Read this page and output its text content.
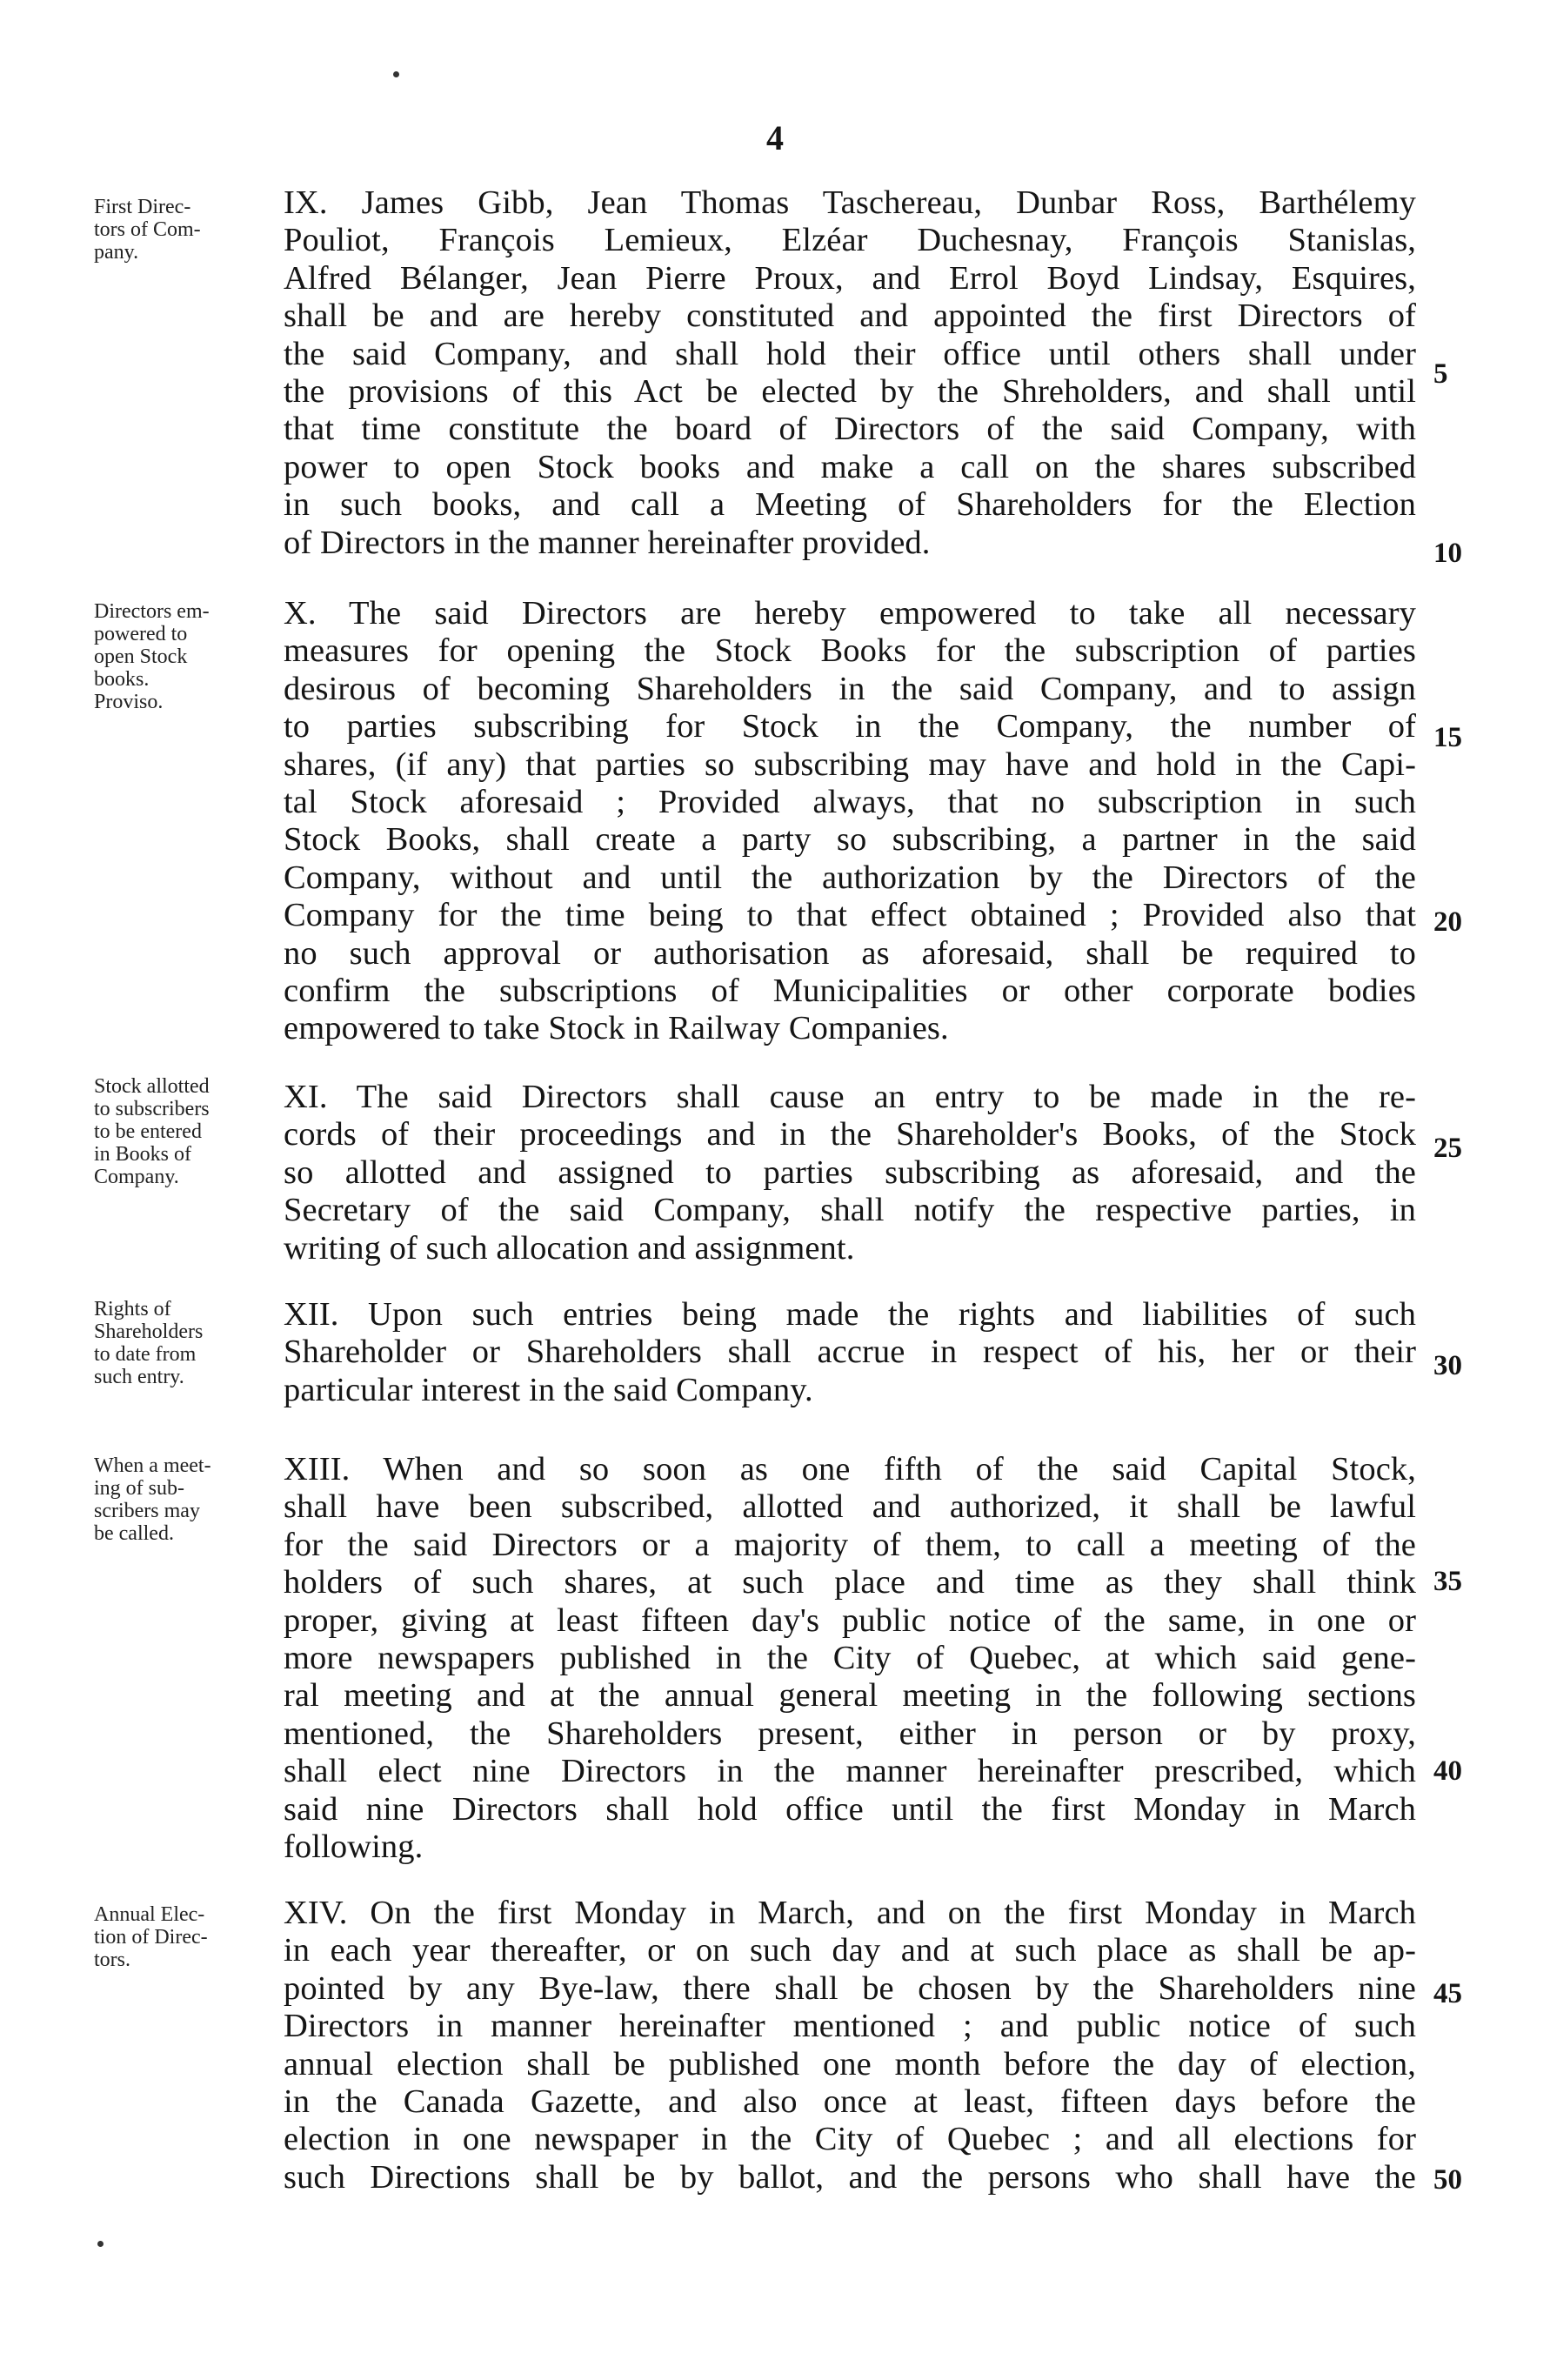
4

First Direc-
tors of Com-
pany.

IX. James Gibb, Jean Thomas Taschereau, Dunbar Ross, Barthélemy
Pouliot, François Lemieux, Elzéar Duchesnay, François Stanislas,
Alfred Bélanger, Jean Pierre Proux, and Errol Boyd Lindsay, Esquires,
shall be and are hereby constituted and appointed the first Directors of
the said Company, and shall hold their office until others shall under
the provisions of this Act be elected by the Shreholders, and shall until
that time constitute the board of Directors of the said Company, with
power to open Stock books and make a call on the shares subscribed
in such books, and call a Meeting of Shareholders for the Election
of Directors in the manner hereinafter provided.

Directors em-
powered to
open Stock
books.
Proviso.

X. The said Directors are hereby empowered to take all necessary
measures for opening the Stock Books for the subscription of parties
desirous of becoming Shareholders in the said Company, and to assign
to parties subscribing for Stock in the Company, the number of
shares, (if any) that parties so subscribing may have and hold in the Capi-
tal Stock aforesaid ; Provided always, that no subscription in such
Stock Books, shall create a party so subscribing, a partner in the said
Company, without and until the authorization by the Directors of the
Company for the time being to that effect obtained ; Provided also that
no such approval or authorisation as aforesaid, shall be required to
confirm the subscriptions of Municipalities or other corporate bodies
empowered to take Stock in Railway Companies.

Stock allotted
to subscribers
to be entered
in Books of
Company.

XI. The said Directors shall cause an entry to be made in the re-
cords of their proceedings and in the Shareholder's Books, of the Stock
so allotted and assigned to parties subscribing as aforesaid, and the
Secretary of the said Company, shall notify the respective parties, in
writing of such allocation and assignment.

Rights of
Shareholders
to date from
such entry.

XII. Upon such entries being made the rights and liabilities of such
Shareholder or Shareholders shall accrue in respect of his, her or their
particular interest in the said Company.

When a meet-
ing of sub-
scribers may
be called.

XIII. When and so soon as one fifth of the said Capital Stock,
shall have been subscribed, allotted and authorized, it shall be lawful
for the said Directors or a majority of them, to call a meeting of the
holders of such shares, at such place and time as they shall think
proper, giving at least fifteen day's public notice of the same, in one or
more newspapers published in the City of Quebec, at which said gene-
ral meeting and at the annual general meeting in the following sections
mentioned, the Shareholders present, either in person or by proxy,
shall elect nine Directors in the manner hereinafter prescribed, which
said nine Directors shall hold office until the first Monday in March
following.

Annual Elec-
tion of Direc-
tors.

XIV. On the first Monday in March, and on the first Monday in March
in each year thereafter, or on such day and at such place as shall be ap-
pointed by any Bye-law, there shall be chosen by the Shareholders nine
Directors in manner hereinafter mentioned ; and public notice of such
annual election shall be published one month before the day of election,
in the Canada Gazette, and also once at least, fifteen days before the
election in one newspaper in the City of Quebec ; and all elections for
such Directions shall be by ballot, and the persons who shall have the

5

10

15

20

25

30

35

40

45

50
